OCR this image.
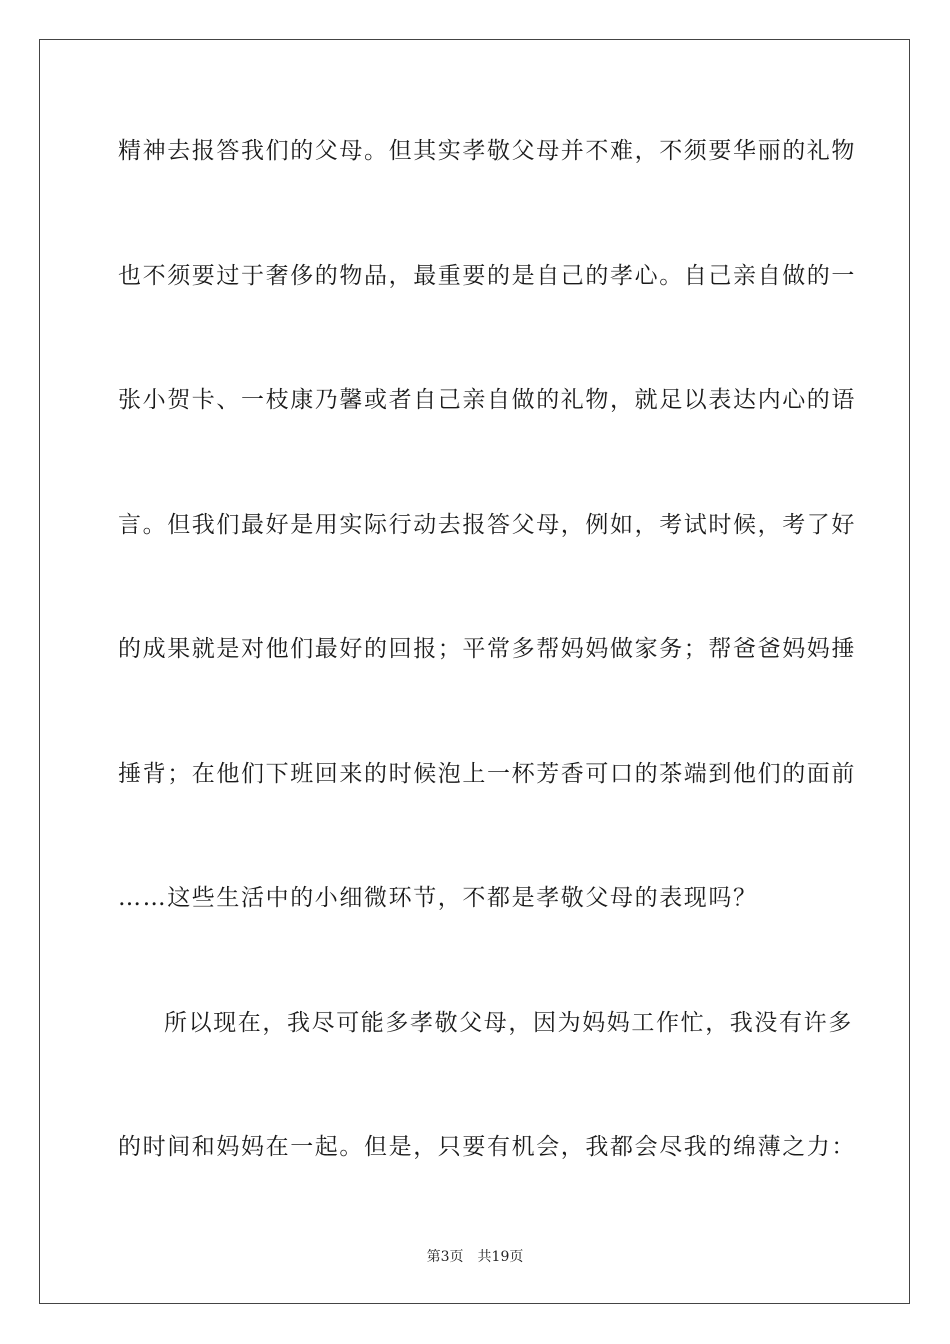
精神去报答我们的父母。但其实孝敬父母并不难，不须要华丽的礼物
也不须要过于奢侈的物品，最重要的是自己的孝心。自己亲自做的一
张小贺卡、一枝康乃馨或者自己亲自做的礼物，就足以表达内心的语
言。但我们最好是用实际行动去报答父母，例如，考试时候，考了好
的成果就是对他们最好的回报；平常多帮妈妈做家务；帮爸爸妈妈捶
捶背；在他们下班回来的时候泡上一杯芳香可口的茶端到他们的面前
……这些生活中的小细微环节，不都是孝敬父母的表现吗？
所以现在，我尽可能多孝敬父母，因为妈妈工作忙，我没有许多
的时间和妈妈在一起。但是，只要有机会，我都会尽我的绵薄之力：
第3页 共19页
